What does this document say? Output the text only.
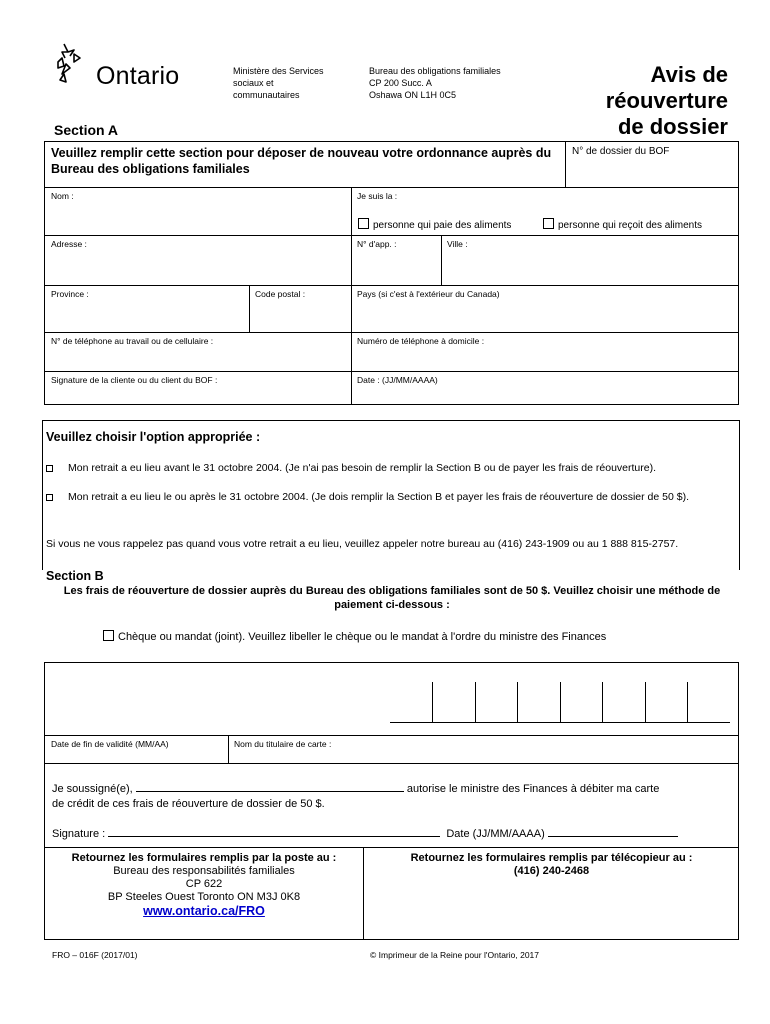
Ontario	Ministère des Services
sociaux et
communautaires
Bureau des obligations familiales
CP 200 Succ. A
Oshawa ON L1H 0C5
Avis de
réouverture
de dossier
Section A
Veuillez remplir cette section pour déposer de nouveau votre ordonnance auprès du Bureau des obligations familiales
N° de dossier du BOF
Nom :	Je suis la :
personne qui paie des aliments	personne qui reçoit des aliments
Adresse :	N° d'app. :	Ville :
Province :	Code postal :	Pays (si c'est à l'extérieur du Canada)
N° de téléphone au travail ou de cellulaire :	Numéro de téléphone à domicile :
Signature de la cliente ou du client du BOF :	Date : (JJ/MM/AAAA)
Veuillez choisir l'option appropriée :
Mon retrait a eu lieu avant le 31 octobre 2004. (Je n'ai pas besoin de remplir la Section B ou de payer les frais de réouverture).
Mon retrait a eu lieu le ou après le 31 octobre 2004. (Je dois remplir la Section B et payer les frais de réouverture de dossier de 50 $).
Si vous ne vous rappelez pas quand vous votre retrait a eu lieu, veuillez appeler notre bureau au (416) 243-1909 ou au 1 888 815-2757.
Section B
Les frais de réouverture de dossier auprès du Bureau des obligations familiales sont de 50 $. Veuillez choisir une méthode de paiement ci-dessous :
Chèque ou mandat (joint). Veuillez libeller le chèque ou le mandat à l'ordre du ministre des Finances
Date de fin de validité (MM/AA)	Nom du titulaire de carte :
Je soussigné(e),	autorise le ministre des Finances à débiter ma carte
de crédit de ces frais de réouverture de dossier de 50 $.
Signature :	Date (JJ/MM/AAAA)
Retournez les formulaires remplis par la poste au :
Bureau des responsabilités familiales
CP 622
BP Steeles Ouest Toronto ON M3J 0K8
www.ontario.ca/FRO
Retournez les formulaires remplis par télécopieur au :
(416) 240-2468
FRO – 016F (2017/01)	© Imprimeur de la Reine pour l'Ontario, 2017
